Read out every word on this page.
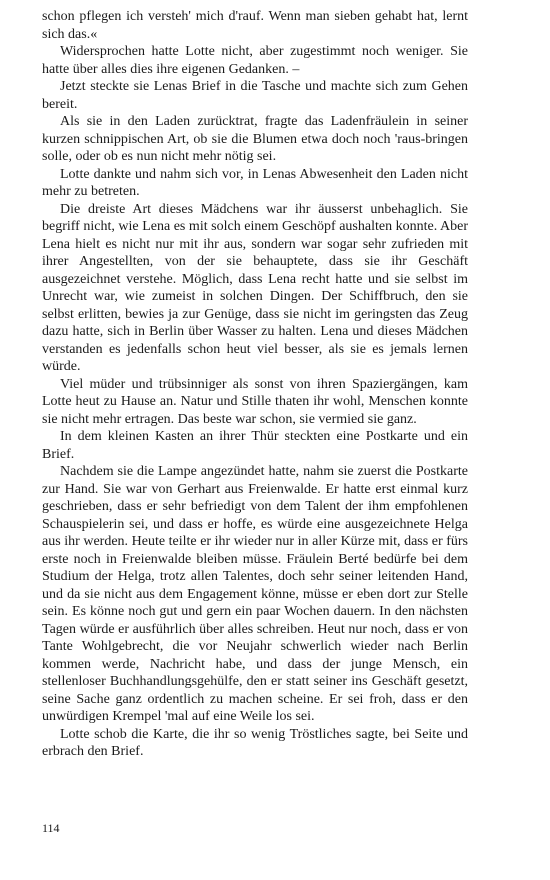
schon pflegen ich versteh' mich d'rauf. Wenn man sieben gehabt hat, lernt sich das.«

Widersprochen hatte Lotte nicht, aber zugestimmt noch weniger. Sie hatte über alles dies ihre eigenen Gedanken. –

Jetzt steckte sie Lenas Brief in die Tasche und machte sich zum Gehen bereit.

Als sie in den Laden zurücktrat, fragte das Ladenfräulein in seiner kurzen schnippischen Art, ob sie die Blumen etwa doch noch 'raus-bringen solle, oder ob es nun nicht mehr nötig sei.

Lotte dankte und nahm sich vor, in Lenas Abwesenheit den Laden nicht mehr zu betreten.

Die dreiste Art dieses Mädchens war ihr äusserst unbehaglich. Sie begriff nicht, wie Lena es mit solch einem Geschöpf aushalten konnte. Aber Lena hielt es nicht nur mit ihr aus, sondern war sogar sehr zufrieden mit ihrer Angestellten, von der sie behauptete, dass sie ihr Geschäft ausgezeichnet verstehe. Möglich, dass Lena recht hatte und sie selbst im Unrecht war, wie zumeist in solchen Dingen. Der Schiffbruch, den sie selbst erlitten, bewies ja zur Genüge, dass sie nicht im geringsten das Zeug dazu hatte, sich in Berlin über Wasser zu halten. Lena und dieses Mädchen verstanden es jedenfalls schon heut viel besser, als sie es jemals lernen würde.

Viel müder und trübsinniger als sonst von ihren Spaziergängen, kam Lotte heut zu Hause an. Natur und Stille thaten ihr wohl, Menschen konnte sie nicht mehr ertragen. Das beste war schon, sie vermied sie ganz.

In dem kleinen Kasten an ihrer Thür steckten eine Postkarte und ein Brief.

Nachdem sie die Lampe angezündet hatte, nahm sie zuerst die Postkarte zur Hand. Sie war von Gerhart aus Freienwalde. Er hatte erst einmal kurz geschrieben, dass er sehr befriedigt von dem Talent der ihm empfohlenen Schauspielerin sei, und dass er hoffe, es würde eine ausgezeichnete Helga aus ihr werden. Heute teilte er ihr wieder nur in aller Kürze mit, dass er fürs erste noch in Freienwalde bleiben müsse. Fräulein Berté bedürfe bei dem Studium der Helga, trotz allen Talentes, doch sehr seiner leitenden Hand, und da sie nicht aus dem Engagement könne, müsse er eben dort zur Stelle sein. Es könne noch gut und gern ein paar Wochen dauern. In den nächsten Tagen würde er ausführlich über alles schreiben. Heut nur noch, dass er von Tante Wohlgebrecht, die vor Neujahr schwerlich wieder nach Berlin kommen werde, Nachricht habe, und dass der junge Mensch, ein stellenloser Buchhandlungsgehülfe, den er statt seiner ins Geschäft gesetzt, seine Sache ganz ordentlich zu machen scheine. Er sei froh, dass er den unwürdigen Krempel 'mal auf eine Weile los sei.

Lotte schob die Karte, die ihr so wenig Tröstliches sagte, bei Seite und erbrach den Brief.

114
